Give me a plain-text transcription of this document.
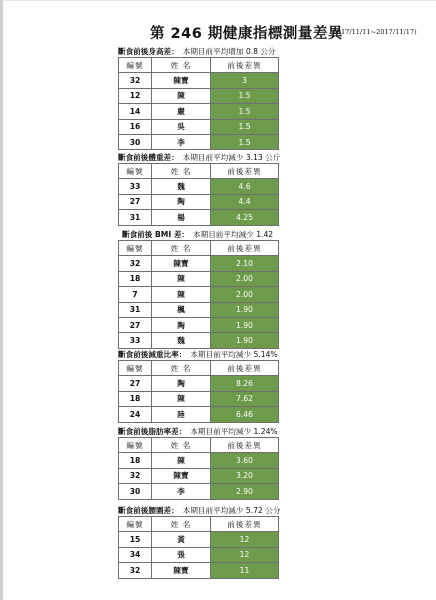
第 246 期健康指標測量差異
(2017/11/11~2017/11/17)
斷食前後身高差： 本期目前平均增加 0.8 公分
編號	姓 名	前後差異
32	陳寶	3
12	陳	1.5
14	嚴	1.5
16	吳	1.5
30	李	1.5
斷食前後體重差： 本期目前平均減少 3.13 公斤
編號	姓 名	前後差異
33	魏	4.6
27	陶	4.4
31	楊	4.25
斷食前後 BMI 差： 本期目前平均減少 1.42
編號	姓 名	前後差異
32	陳寶	2.10
18	陳	2.00
7	陳	2.00
31	楓	1.90
27	陶	1.90
33	魏	1.90
斷食前後減重比率： 本期目前平均減少 5.14%
編號	姓 名	前後差異
27	陶	8.26
18	陳	7.62
24	陸	6.46
斷食前後脂肪率差： 本期目前平均減少 1.24%
編號	姓 名	前後差異
18	陳	3.60
32	陳寶	3.20
30	李	2.90
斷食前後腰圍差： 本期目前平均減少 5.72 公分
編號	姓 名	前後差異
15	黃	12
34	張	12
32	陳寶	11
